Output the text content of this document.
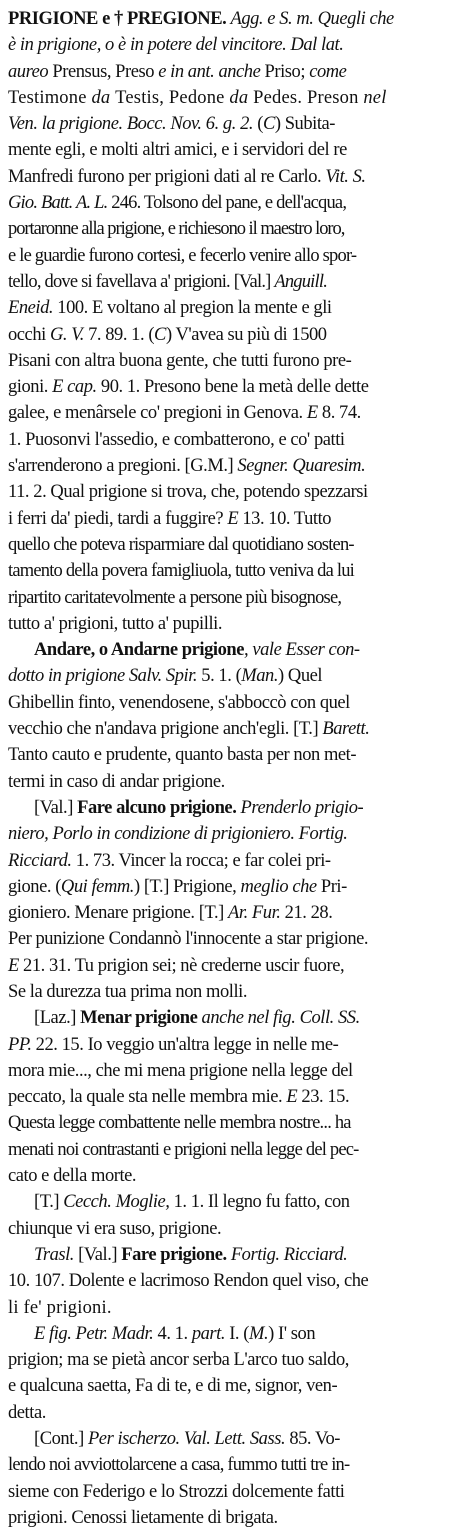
PRIGIONE e † PREGIONE. Agg. e S. m. Quegli che
è in prigione, o è in potere del vincitore. Dal lat.
aureo Prensus, Preso e in ant. anche Priso; come
Testimone da Testis, Pedone da Pedes. Preson nel
Ven. la prigione. Bocc. Nov. 6. g. 2. (C) Subita-
mente egli, e molti altri amici, e i servidori del re
Manfredi furono per prigioni dati al re Carlo. Vit. S.
Gio. Batt. A. L. 246. Tolsono del pane, e dell'acqua,
portaronne alla prigione, e richiesono il maestro loro,
e le guardie furono cortesi, e fecerlo venire allo spor-
tello, dove si favellava a' prigioni. [Val.] Anguill.
Eneid. 100. E voltano al pregion la mente e gli
occhi G. V. 7. 89. 1. (C) V'avea su più di 1500
Pisani con altra buona gente, che tutti furono pre-
gioni. E cap. 90. 1. Presono bene la metà delle dette
galee, e menârsele co' pregioni in Genova. E 8. 74.
1. Puosonvi l'assedio, e combatterono, e co' patti
s'arrenderono a pregioni. [G.M.] Segner. Quaresim.
11. 2. Qual prigione si trova, che, potendo spezzarsi
i ferri da' piedi, tardi a fuggire? E 13. 10. Tutto
quello che poteva risparmiare dal quotidiano sosten-
tamento della povera famigliuola, tutto veniva da lui
ripartito caritatevolmente a persone più bisognose,
tutto a' prigioni, tutto a' pupilli.
Andare, o Andarne prigione, vale Esser con-
dotto in prigione Salv. Spir. 5. 1. (Man.) Quel
Ghibellin finto, venendosene, s'abboccò con quel
vecchio che n'andava prigione anch'egli. [T.] Barett.
Tanto cauto e prudente, quanto basta per non met-
termi in caso di andar prigione.
[Val.] Fare alcuno prigione. Prenderlo prigio-
niero, Porlo in condizione di prigioniero. Fortig.
Ricciard. 1. 73. Vincer la rocca; e far colei pri-
gione. (Qui femm.) [T.] Prigione, meglio che Pri-
gioniero. Menare prigione. [T.] Ar. Fur. 21. 28.
Per punizione Condannò l'innocente a star prigione.
E 21. 31. Tu prigion sei; nè crederne uscir fuore,
Se la durezza tua prima non molli.
[Laz.] Menar prigione anche nel fig. Coll. SS.
PP. 22. 15. Io veggio un'altra legge in nelle me-
mora mie..., che mi mena prigione nella legge del
peccato, la quale sta nelle membra mie. E 23. 15.
Questa legge combattente nelle membra nostre... ha
menati noi contrastanti e prigioni nella legge del pec-
cato e della morte.
[T.] Cecch. Moglie, 1. 1. Il legno fu fatto, con
chiunque vi era suso, prigione.
Trasl. [Val.] Fare prigione. Fortig. Ricciard.
10. 107. Dolente e lacrimoso Rendon quel viso, che
li fe' prigioni.
E fig. Petr. Madr. 4. 1. part. I. (M.) I' son
prigion; ma se pietà ancor serba L'arco tuo saldo,
e qualcuna saetta, Fa di te, e di me, signor, ven-
detta.
[Cont.] Per ischerzo. Val. Lett. Sass. 85. Vo-
lendo noi avviottolarcene a casa, fummo tutti tre in-
sieme con Federigo e lo Strozzi dolcemente fatti
prigioni. Cenossi lietamente di brigata.
